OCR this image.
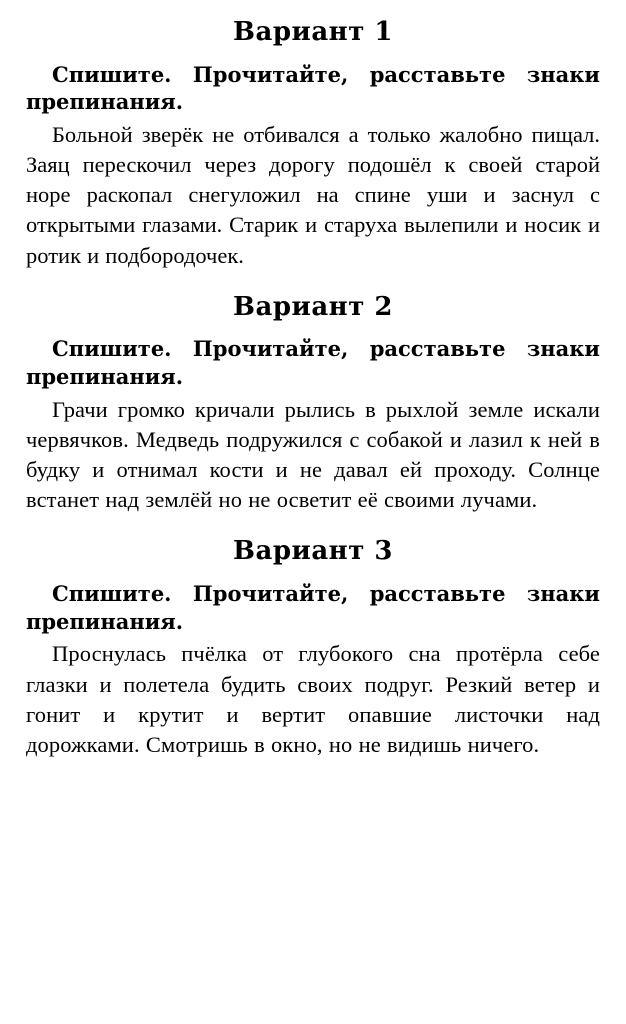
Вариант 1

Спишите. Прочитайте, расставьте знаки препинания.

Больной зверёк не отбивался а только жалобно пищал. Заяц перескочил через дорогу подошёл к своей старой норе раскопал снегуложил на спине уши и заснул с открытыми глазами. Старик и старуха вылепили и носик и ротик и подбородочек.

Вариант 2

Спишите. Прочитайте, расставьте знаки препинания.

Грачи громко кричали рылись в рыхлой земле искали червячков. Медведь подружился с собакой и лазил к ней в будку и отнимал кости и не давал ей проходу. Солнце встанет над землёй но не осветит её своими лучами.

Вариант 3

Спишите. Прочитайте, расставьте знаки препинания.

Проснулась пчёлка от глубокого сна протёрла себе глазки и полетела будить своих подруг. Резкий ветер и гонит и крутит и вертит опавшие листочки над дорожками. Смотришь в окно, но не видишь ничего.
